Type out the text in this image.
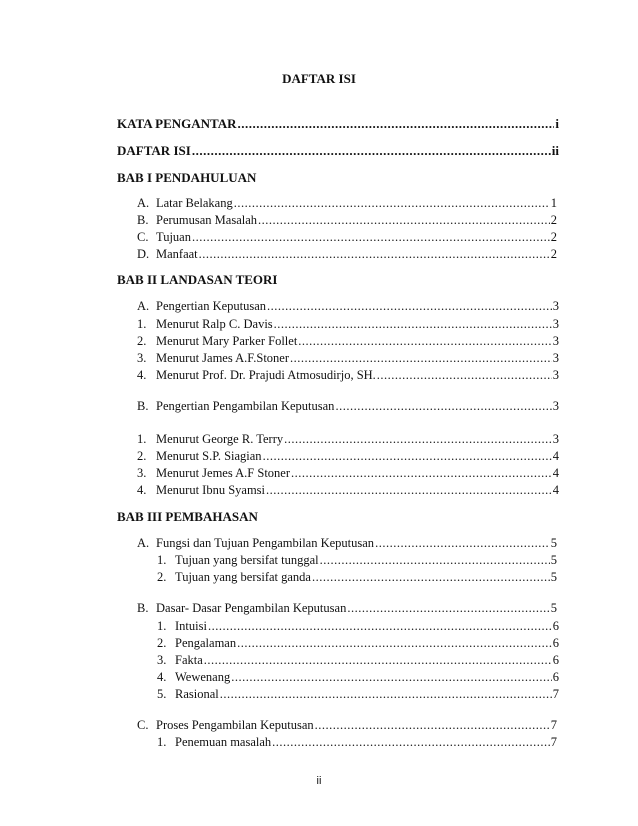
DAFTAR ISI
KATA PENGANTAR .....	i
DAFTAR ISI .....	ii
BAB I PENDAHULUAN
A. Latar Belakang .....	1
B. Perumusan Masalah .....	2
C. Tujuan .....	2
D. Manfaat .....	2
BAB II LANDASAN TEORI
A. Pengertian Keputusan .....	3
1. Menurut Ralp C. Davis .....	3
2. Menurut Mary Parker Follet .....	3
3. Menurut James A.F.Stoner .....	3
4. Menurut Prof. Dr. Prajudi Atmosudirjo, SH. .....	3
B. Pengertian Pengambilan Keputusan .....	3
1. Menurut George R. Terry .....	3
2. Menurut S.P. Siagian .....	4
3. Menurut Jemes A.F Stoner .....	4
4. Menurut Ibnu Syamsi .....	4
BAB III PEMBAHASAN
A. Fungsi dan Tujuan Pengambilan Keputusan .....	5
1. Tujuan yang bersifat tunggal .....	5
2. Tujuan yang bersifat ganda .....	5
B. Dasar- Dasar Pengambilan Keputusan .....	5
1. Intuisi .....	6
2. Pengalaman .....	6
3. Fakta .....	6
4. Wewenang .....	6
5. Rasional .....	7
C. Proses Pengambilan Keputusan .....	7
1. Penemuan masalah .....	7
ii
